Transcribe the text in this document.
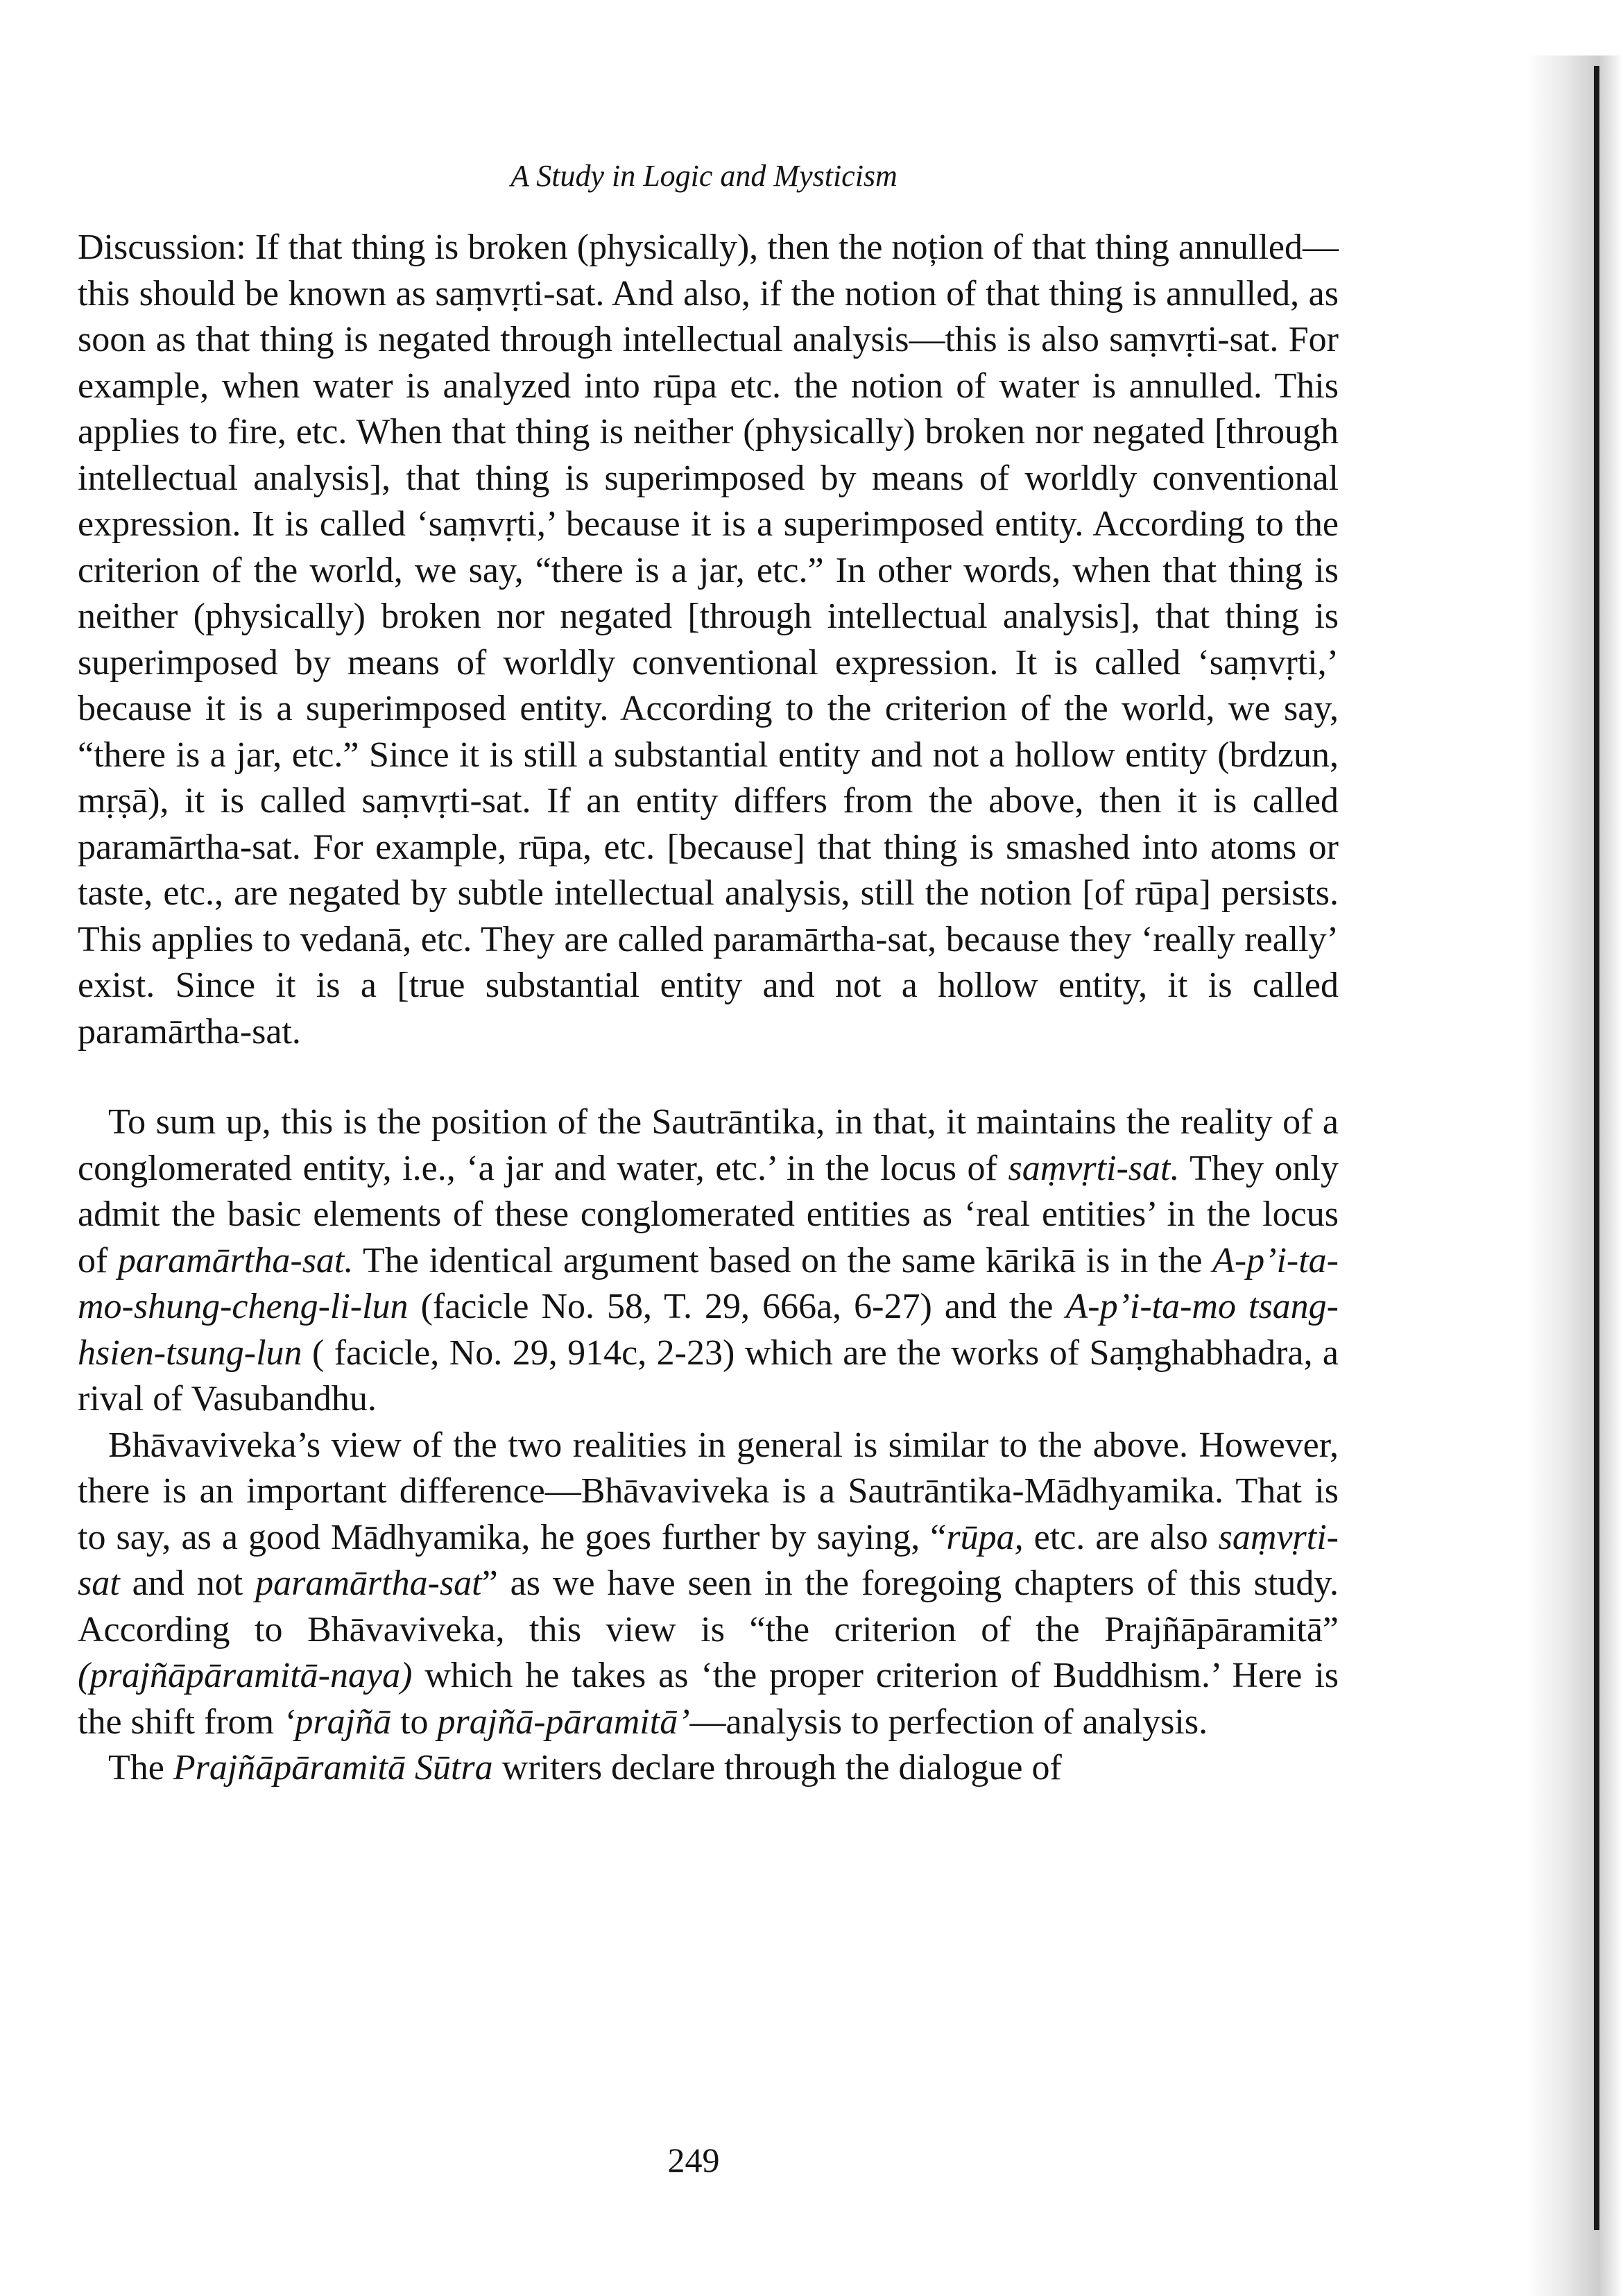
A Study in Logic and Mysticism

Discussion: If that thing is broken (physically), then the noțion of that thing annulled—this should be known as saṃvṛti-sat. And also, if the notion of that thing is annulled, as soon as that thing is negated through intellectual analysis—this is also saṃvṛti-sat. For example, when water is analyzed into rūpa etc. the notion of water is annulled. This applies to fire, etc. When that thing is neither (physically) broken nor negated [through intellectual analysis], that thing is superimposed by means of worldly conventional expression. It is called ‘saṃvṛti,’ because it is a superimposed entity. According to the criterion of the world, we say, “there is a jar, etc.” In other words, when that thing is neither (physically) broken nor negated [through intellectual analysis], that thing is superimposed by means of worldly conventional expression. It is called ‘saṃvṛti,’ because it is a superimposed entity. According to the criterion of the world, we say, “there is a jar, etc.” Since it is still a substantial entity and not a hollow entity (brdzun, mṛṣā), it is called saṃvṛti-sat. If an entity differs from the above, then it is called paramārtha-sat. For example, rūpa, etc. [because] that thing is smashed into atoms or taste, etc., are negated by subtle intellectual analysis, still the notion [of rūpa] persists. This applies to vedanā, etc. They are called paramārtha-sat, because they ‘really really’ exist. Since it is a [true substantial entity and not a hollow entity, it is called paramārtha-sat.

To sum up, this is the position of the Sautrāntika, in that, it maintains the reality of a conglomerated entity, i.e., ‘a jar and water, etc.’ in the locus of saṃvṛti-sat. They only admit the basic elements of these conglomerated entities as ‘real entities’ in the locus of paramārtha-sat. The identical argument based on the same kārikā is in the A-p’i-ta-mo-shung-cheng-li-lun (facicle No. 58, T. 29, 666a, 6-27) and the A-p’i-ta-mo tsang-hsien-tsung-lun ( facicle, No. 29, 914c, 2-23) which are the works of Saṃghabhadra, a rival of Vasubandhu.

Bhāvaviveka’s view of the two realities in general is similar to the above. However, there is an important difference—Bhāvaviveka is a Sautrāntika-Mādhyamika. That is to say, as a good Mādhyamika, he goes further by saying, “rūpa, etc. are also saṃvṛti-sat and not paramārtha-sat” as we have seen in the foregoing chapters of this study. According to Bhāvaviveka, this view is “the criterion of the Prajñāpāramitā” (prajñāpāramitā-naya) which he takes as ‘the proper criterion of Buddhism.’ Here is the shift from ‘prajñā to prajñā-pāramitā’—analysis to perfection of analysis.

The Prajñāpāramitā Sūtra writers declare through the dialogue of

249
